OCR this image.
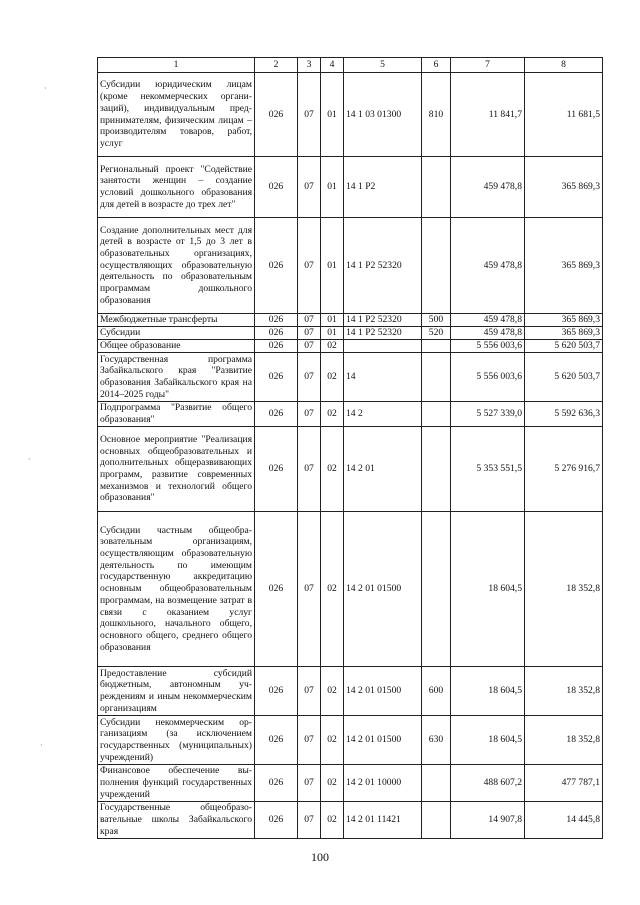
1	2	3	4	5	6	7	8
Субсидии юридическим лицам (кроме некоммерческих организаций), индивидуальным предпринимателям, физическим лицам – производителям товаров, работ, услуг	026	07	01	14 1 03 01300	810	11 841,7	11 681,5
Региональный проект "Содействие занятости женщин – создание условий дошкольного образования для детей в возрасте до трех лет"	026	07	01	14 1 P2		459 478,8	365 869,3
Создание дополнительных мест для детей в возрасте от 1,5 до 3 лет в образовательных организациях, осуществляющих образовательную деятельность по образовательным программам дошкольного образования	026	07	01	14 1 P2 52320		459 478,8	365 869,3
Межбюджетные трансферты	026	07	01	14 1 P2 52320	500	459 478,8	365 869,3
Субсидии	026	07	01	14 1 P2 52320	520	459 478,8	365 869,3
Общее образование	026	07	02			5 556 003,6	5 620 503,7
Государственная программа Забайкальского края "Развитие образования Забайкальского края на 2014–2025 годы"	026	07	02	14		5 556 003,6	5 620 503,7
Подпрограмма "Развитие общего образования"	026	07	02	14 2		5 527 339,0	5 592 636,3
Основное мероприятие "Реализация основных общеобразовательных и дополнительных общеразвивающих программ, развитие современных механизмов и технологий общего образования"	026	07	02	14 2 01		5 353 551,5	5 276 916,7
Субсидии частным общеобразовательным организациям, осуществляющим образовательную деятельность по имеющим государственную аккредитацию основным общеобразовательным программам, на возмещение затрат в связи с оказанием услуг дошкольного, начального общего, основного общего, среднего общего образования	026	07	02	14 2 01 01500		18 604,5	18 352,8
Предоставление субсидий бюджетным, автономным учреждениям и иным некоммерческим организациям	026	07	02	14 2 01 01500	600	18 604,5	18 352,8
Субсидии некоммерческим организациям (за исключением государственных (муниципальных) учреждений)	026	07	02	14 2 01 01500	630	18 604,5	18 352,8
Финансовое обеспечение выполнения функций государственных учреждений	026	07	02	14 2 01 10000		488 607,2	477 787,1
Государственные общеобразовательные школы Забайкальского края	026	07	02	14 2 01 11421		14 907,8	14 445,8
·
·
·
100
